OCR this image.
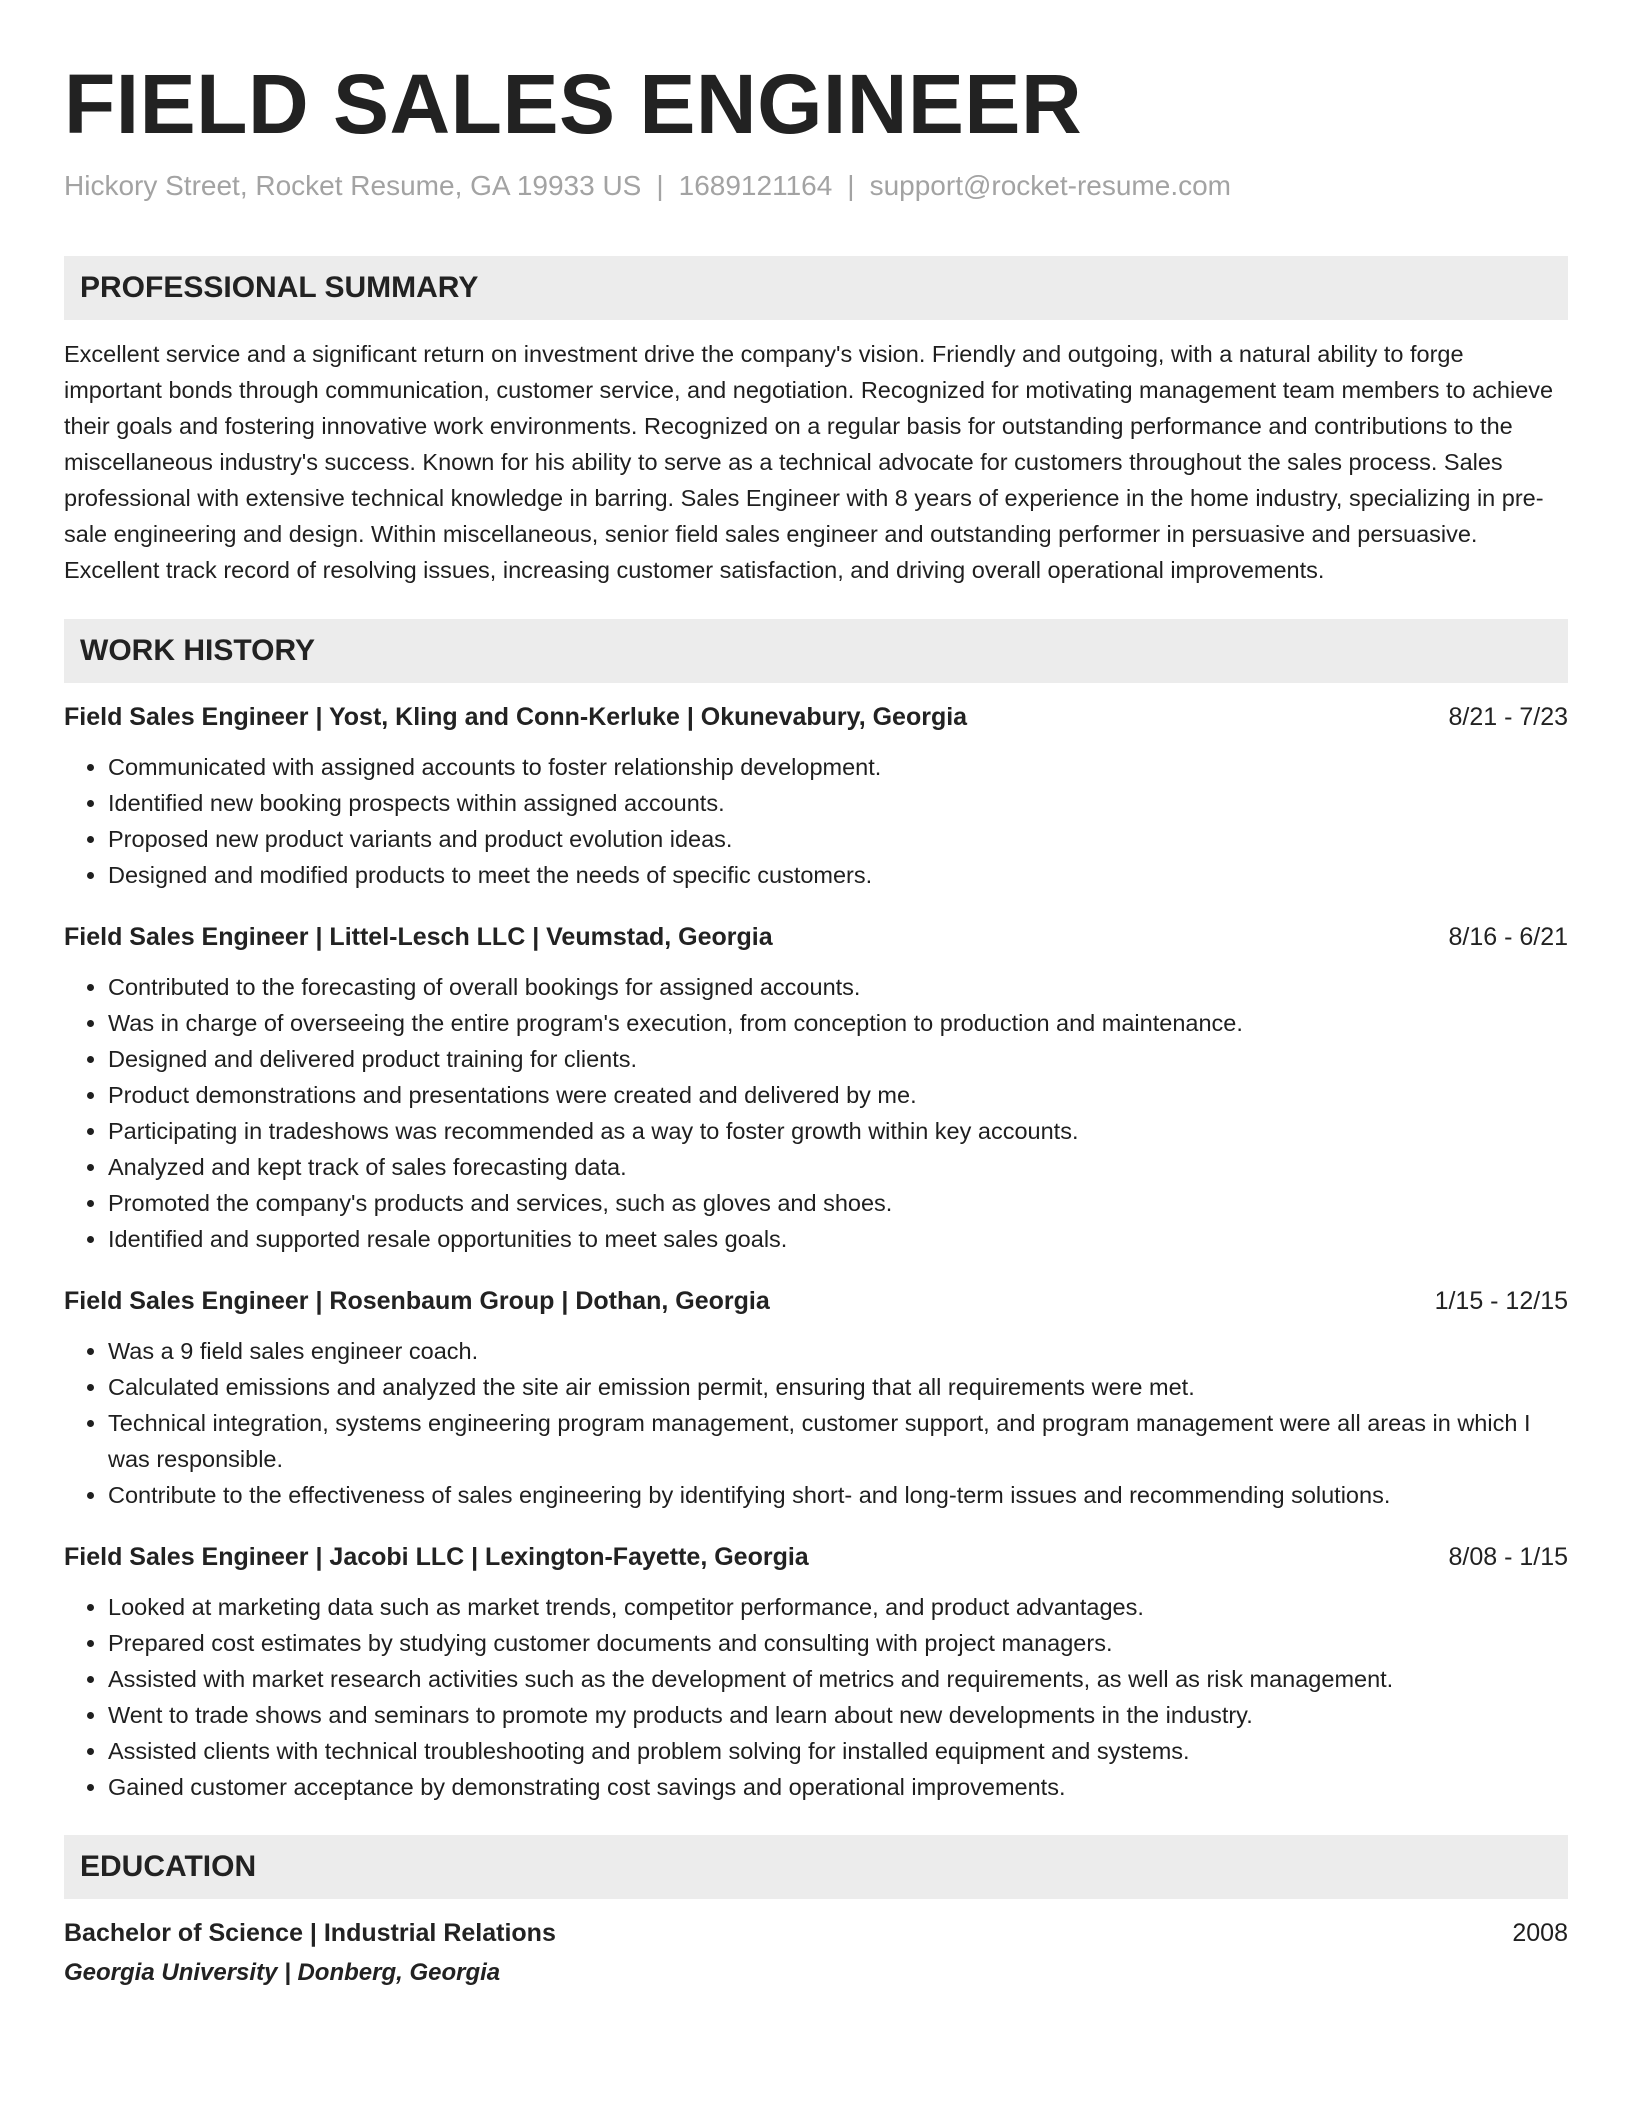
FIELD SALES ENGINEER
Hickory Street, Rocket Resume, GA 19933 US | 1689121164 | support@rocket-resume.com
PROFESSIONAL SUMMARY

Excellent service and a significant return on investment drive the company's vision. Friendly and outgoing, with a natural ability to forge important bonds through communication, customer service, and negotiation. Recognized for motivating management team members to achieve their goals and fostering innovative work environments. Recognized on a regular basis for outstanding performance and contributions to the miscellaneous industry's success. Known for his ability to serve as a technical advocate for customers throughout the sales process. Sales professional with extensive technical knowledge in barring. Sales Engineer with 8 years of experience in the home industry, specializing in pre-sale engineering and design. Within miscellaneous, senior field sales engineer and outstanding performer in persuasive and persuasive. Excellent track record of resolving issues, increasing customer satisfaction, and driving overall operational improvements.

WORK HISTORY
Field Sales Engineer | Yost, Kling and Conn-Kerluke | Okunevabury, Georgia	8/21 - 7/23
• Communicated with assigned accounts to foster relationship development.
• Identified new booking prospects within assigned accounts.
• Proposed new product variants and product evolution ideas.
• Designed and modified products to meet the needs of specific customers.
Field Sales Engineer | Littel-Lesch LLC | Veumstad, Georgia	8/16 - 6/21
• Contributed to the forecasting of overall bookings for assigned accounts.
• Was in charge of overseeing the entire program's execution, from conception to production and maintenance.
• Designed and delivered product training for clients.
• Product demonstrations and presentations were created and delivered by me.
• Participating in tradeshows was recommended as a way to foster growth within key accounts.
• Analyzed and kept track of sales forecasting data.
• Promoted the company's products and services, such as gloves and shoes.
• Identified and supported resale opportunities to meet sales goals.
Field Sales Engineer | Rosenbaum Group | Dothan, Georgia	1/15 - 12/15
• Was a 9 field sales engineer coach.
• Calculated emissions and analyzed the site air emission permit, ensuring that all requirements were met.
• Technical integration, systems engineering program management, customer support, and program management were all areas in which I was responsible.
• Contribute to the effectiveness of sales engineering by identifying short- and long-term issues and recommending solutions.
Field Sales Engineer | Jacobi LLC | Lexington-Fayette, Georgia	8/08 - 1/15
• Looked at marketing data such as market trends, competitor performance, and product advantages.
• Prepared cost estimates by studying customer documents and consulting with project managers.
• Assisted with market research activities such as the development of metrics and requirements, as well as risk management.
• Went to trade shows and seminars to promote my products and learn about new developments in the industry.
• Assisted clients with technical troubleshooting and problem solving for installed equipment and systems.
• Gained customer acceptance by demonstrating cost savings and operational improvements.
EDUCATION
Bachelor of Science | Industrial Relations	2008
Georgia University | Donberg, Georgia
